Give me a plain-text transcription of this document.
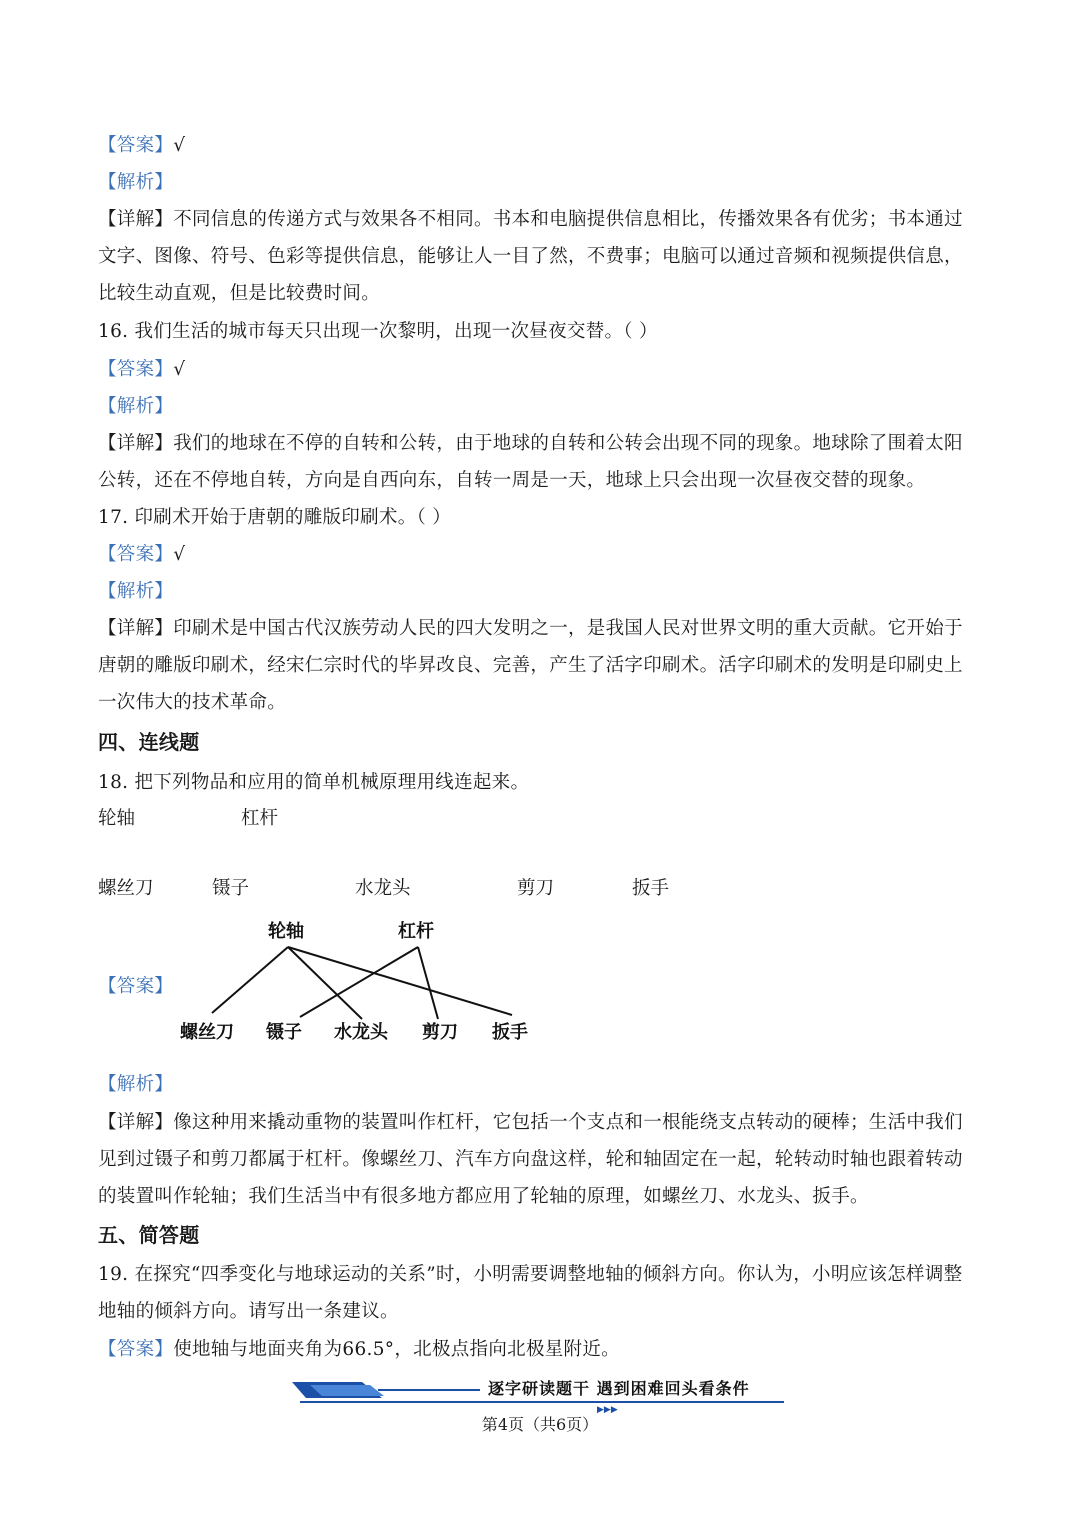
【答案】√
【解析】
【详解】不同信息的传递方式与效果各不相同。书本和电脑提供信息相比，传播效果各有优劣；书本通过
文字、图像、符号、色彩等提供信息，能够让人一目了然，不费事；电脑可以通过音频和视频提供信息，
比较生动直观，但是比较费时间。
16. 我们生活的城市每天只出现一次黎明，出现一次昼夜交替。（ ）
【答案】√
【解析】
【详解】我们的地球在不停的自转和公转，由于地球的自转和公转会出现不同的现象。地球除了围着太阳
公转，还在不停地自转，方向是自西向东，自转一周是一天，地球上只会出现一次昼夜交替的现象。
17. 印刷术开始于唐朝的雕版印刷术。（ ）
【答案】√
【解析】
【详解】印刷术是中国古代汉族劳动人民的四大发明之一，是我国人民对世界文明的重大贡献。它开始于
唐朝的雕版印刷术，经宋仁宗时代的毕昇改良、完善，产生了活字印刷术。活字印刷术的发明是印刷史上
一次伟大的技术革命。
四、连线题
18. 把下列物品和应用的简单机械原理用线连起来。
轮轴	杠杆
螺丝刀	镊子	水龙头	剪刀	扳手
【答案】
轮轴	杠杆
螺丝刀 镊子 水龙头 剪刀 扳手
【解析】
【详解】像这种用来撬动重物的装置叫作杠杆，它包括一个支点和一根能绕支点转动的硬棒；生活中我们
见到过镊子和剪刀都属于杠杆。像螺丝刀、汽车方向盘这样，轮和轴固定在一起，轮转动时轴也跟着转动
的装置叫作轮轴；我们生活当中有很多地方都应用了轮轴的原理，如螺丝刀、水龙头、扳手。
五、简答题
19. 在探究“四季变化与地球运动的关系”时，小明需要调整地轴的倾斜方向。你认为，小明应该怎样调整
地轴的倾斜方向。请写出一条建议。
【答案】使地轴与地面夹角为66.5°，北极点指向北极星附近。
▶▶▶
逐字研读题干 遇到困难回头看条件
第4页（共6页）
